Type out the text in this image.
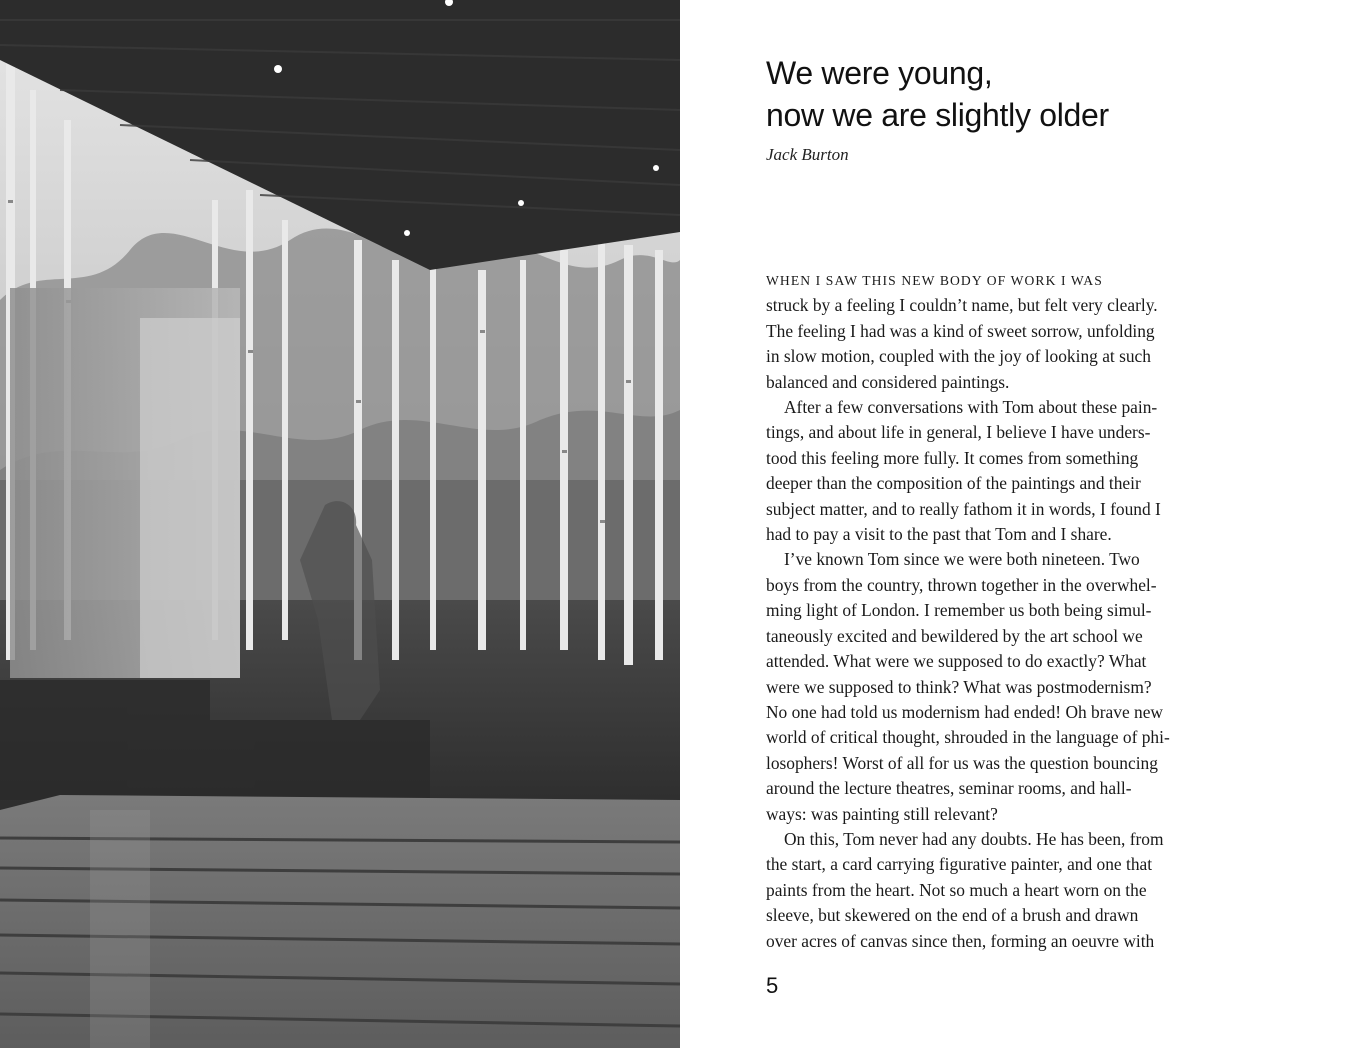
We were young,
now we are slightly older
Jack Burton
WHEN I SAW THIS NEW BODY OF WORK I WAS
struck by a feeling I couldn’t name, but felt very clearly.
The feeling I had was a kind of sweet sorrow, unfolding
in slow motion, coupled with the joy of looking at such
balanced and considered paintings.
After a few conversations with Tom about these pain-
tings, and about life in general, I believe I have unders-
tood this feeling more fully. It comes from something
deeper than the composition of the paintings and their
subject matter, and to really fathom it in words, I found I
had to pay a visit to the past that Tom and I share.
I’ve known Tom since we were both nineteen. Two
boys from the country, thrown together in the overwhel-
ming light of London. I remember us both being simul-
taneously excited and bewildered by the art school we
attended. What were we supposed to do exactly? What
were we supposed to think? What was postmodernism?
No one had told us modernism had ended! Oh brave new
world of critical thought, shrouded in the language of phi-
losophers! Worst of all for us was the question bouncing
around the lecture theatres, seminar rooms, and hall-
ways: was painting still relevant?
On this, Tom never had any doubts. He has been, from
the start, a card carrying figurative painter, and one that
paints from the heart. Not so much a heart worn on the
sleeve, but skewered on the end of a brush and drawn
over acres of canvas since then, forming an oeuvre with
5
